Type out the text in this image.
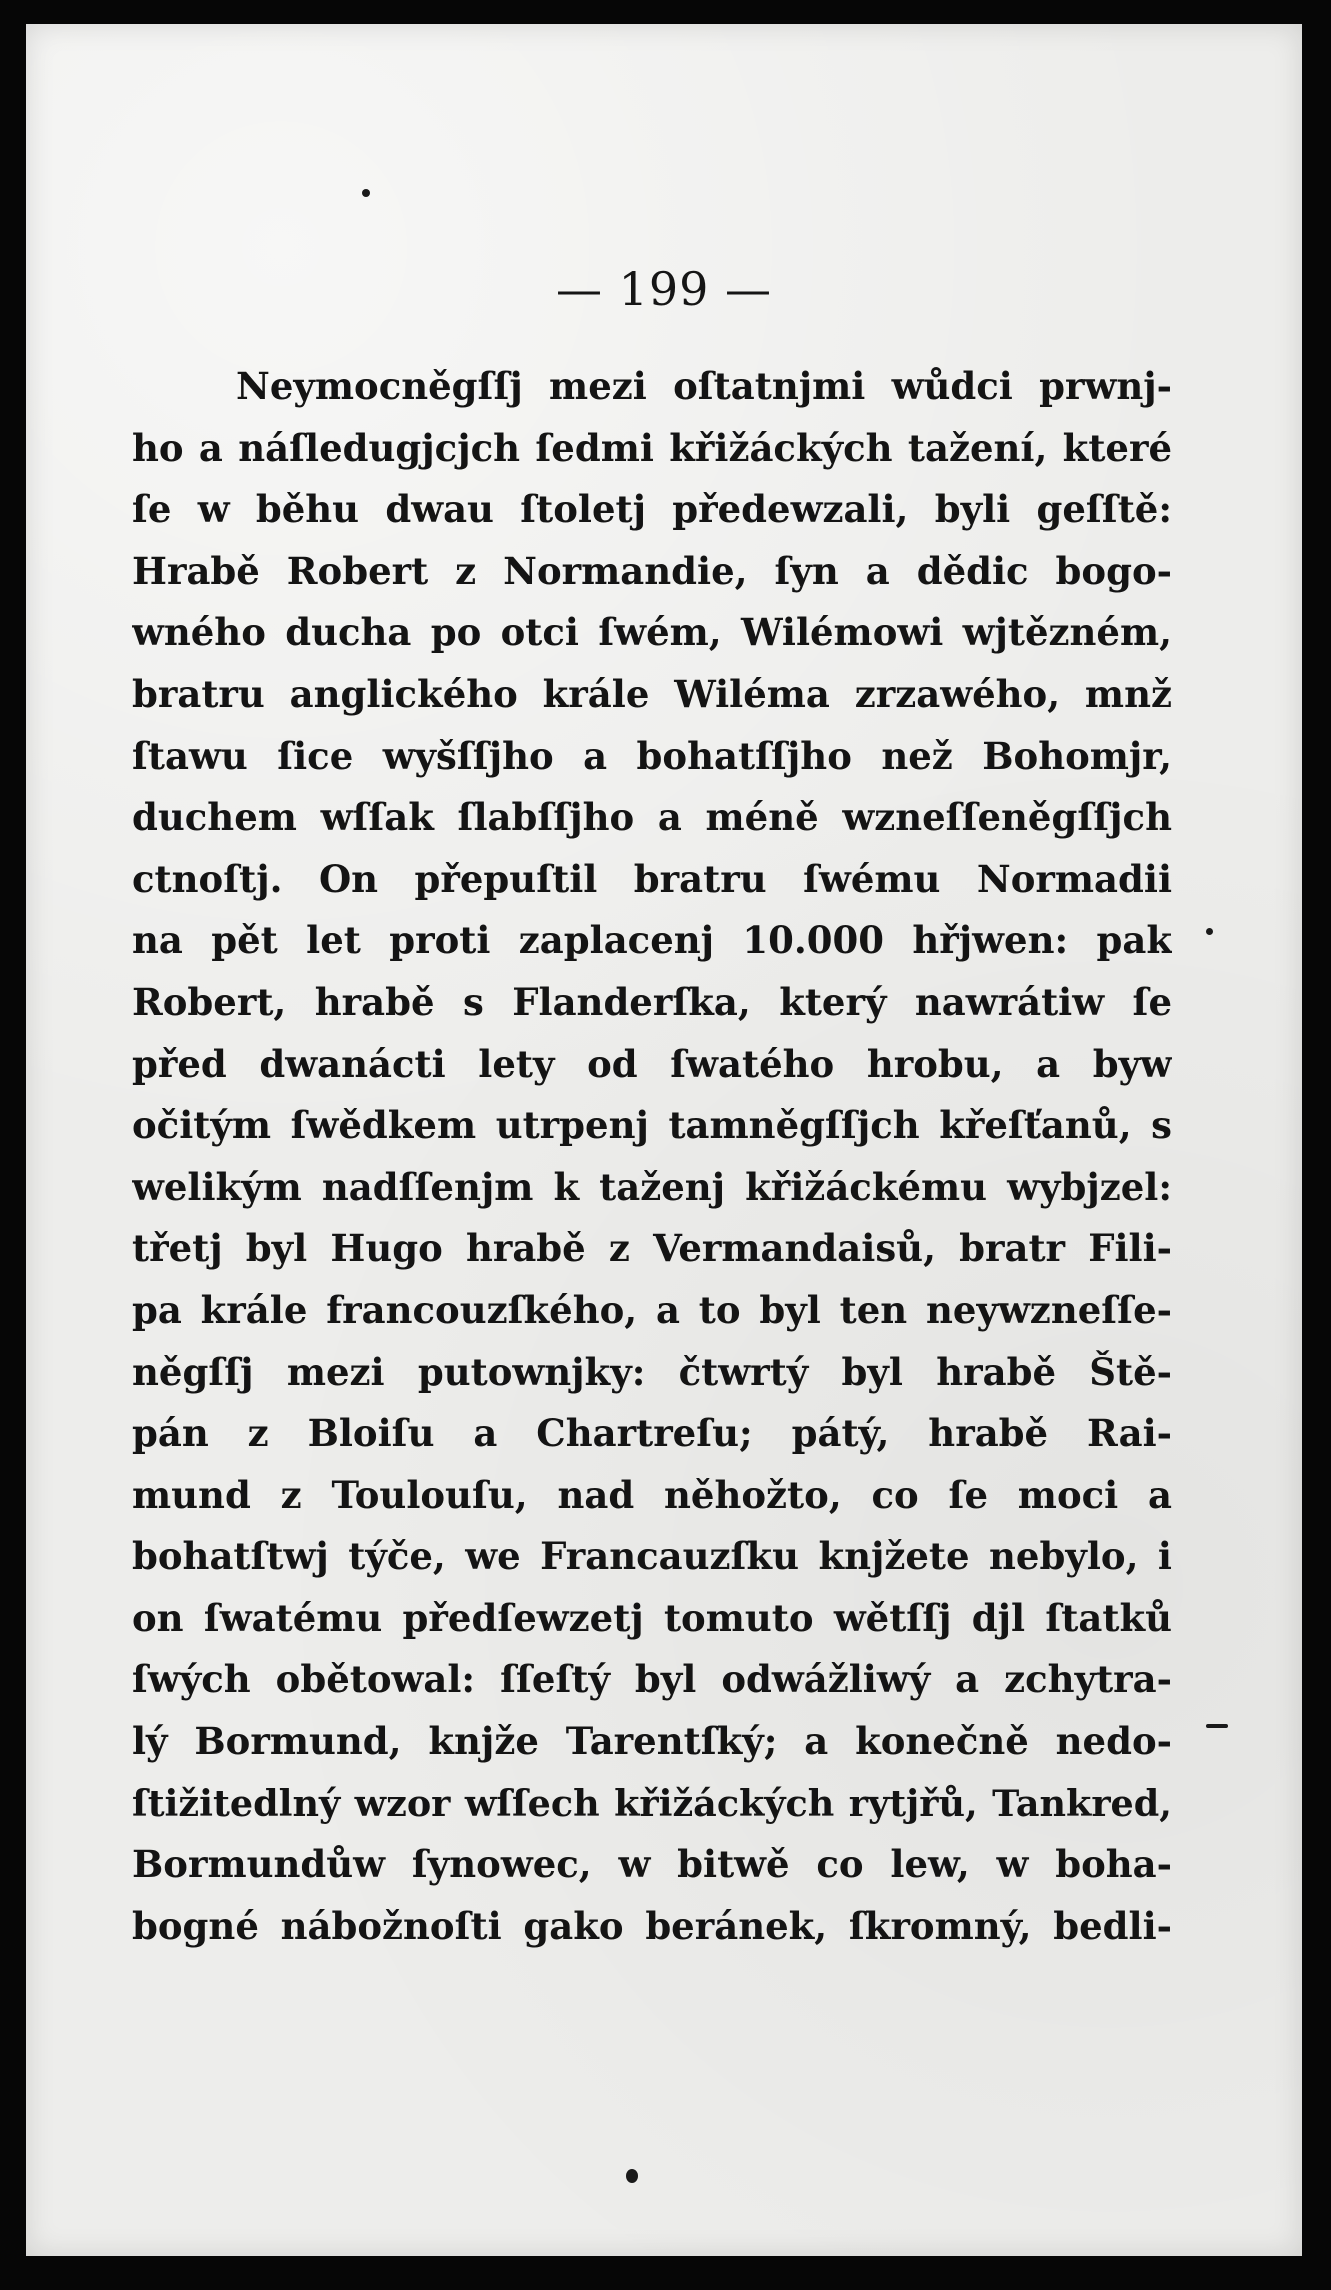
— 199 —
Neymocněgſſj mezi oſtatnjmi wůdci prwnj-
ho a náſledugjcjch ſedmi křižáckých tažení, které
ſe w běhu dwau ſtoletj předewzali, byli geſſtě:
Hrabě Robert z Normandie, ſyn a dědic bogo-
wného ducha po otci ſwém, Wilémowi wjtězném,
bratru anglického krále Wiléma zrzawého, mnž
ſtawu ſice wyšſſjho a bohatſſjho než Bohomjr,
duchem wſſak ſlabſſjho a méně wzneſſeněgſſjch
ctnoſtj. On přepuſtil bratru ſwému Normadii
na pět let proti zaplacenj 10.000 hřjwen: pak
Robert, hrabě s Flanderſka, který nawrátiw ſe
před dwanácti lety od ſwatého hrobu, a byw
očitým ſwědkem utrpenj tamněgſſjch křeſťanů, s
welikým nadſſenjm k taženj křižáckému wybjzel:
třetj byl Hugo hrabě z Vermandaisů, bratr Fili-
pa krále francouzſkého, a to byl ten neywzneſſe-
něgſſj mezi putownjky: čtwrtý byl hrabě Ště-
pán z Bloiſu a Chartreſu; pátý, hrabě Rai-
mund z Toulouſu, nad něhožto, co ſe moci a
bohatſtwj týče, we Francauzſku knjžete nebylo, i
on ſwatému předſewzetj tomuto wětſſj djl ſtatků
ſwých obětowal: ſſeſtý byl odwážliwý a zchytra-
lý Bormund, knjže Tarentſký; a konečně nedo-
ſtižitedlný wzor wſſech křižáckých rytjřů, Tankred,
Bormundůw ſynowec, w bitwě co lew, w boha-
bogné nábožnoſti gako beránek, ſkromný, bedli-
